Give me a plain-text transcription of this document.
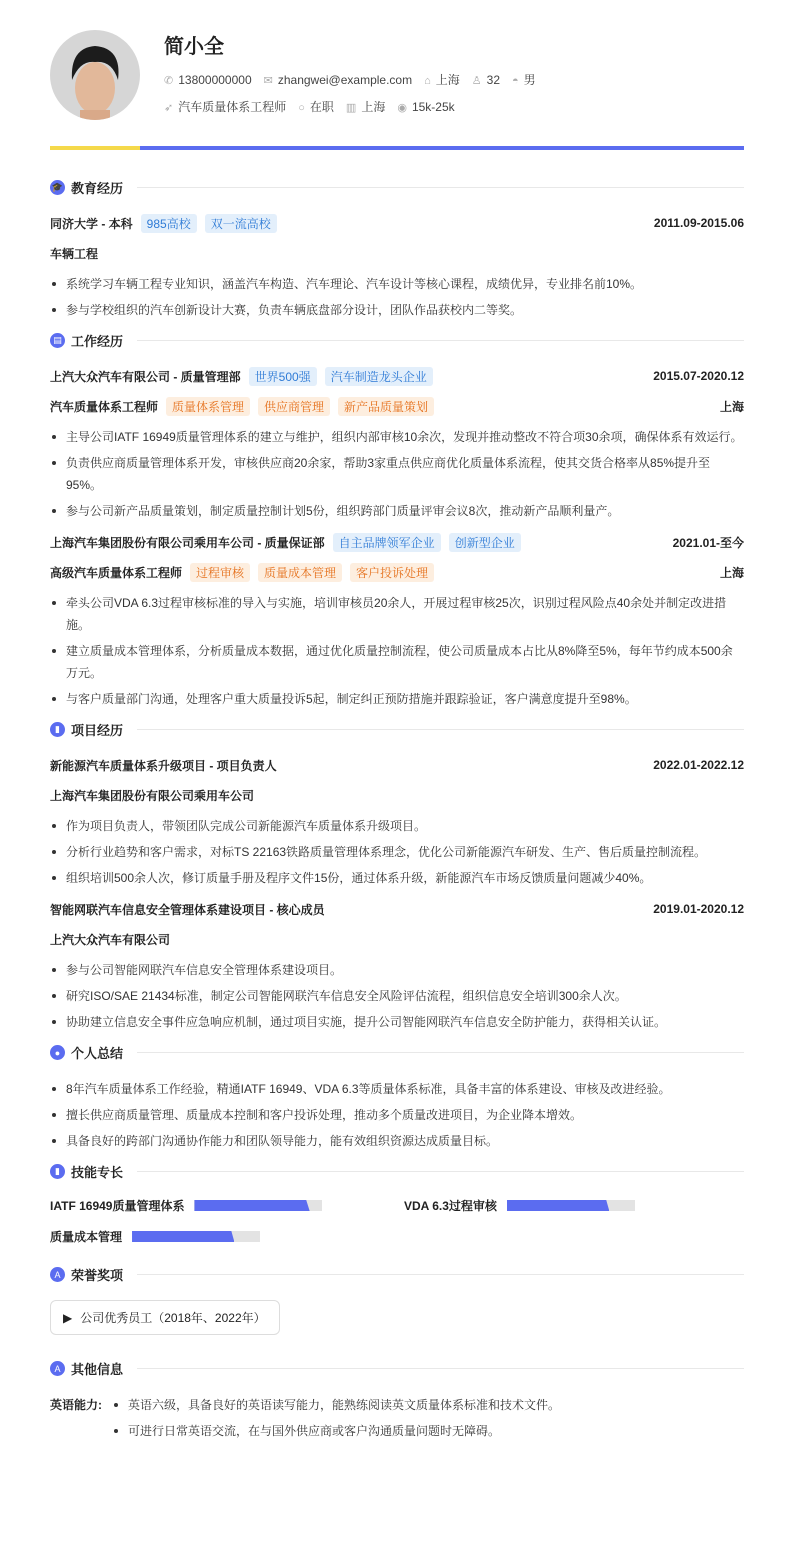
简小全
✆ 13800000000 ✉ zhangwei@example.com ⌂ 上海 ♙ 32 ◓ 男
➶ 汽车质量体系工程师 ○ 在职 ▥ 上海 ◉ 15k-25k
🎓 教育经历
同济大学 - 本科	985高校	双一流高校	2011.09-2015.06
车辆工程
系统学习车辆工程专业知识，涵盖汽车构造、汽车理论、汽车设计等核心课程，成绩优异，专业排名前10%。
参与学校组织的汽车创新设计大赛，负责车辆底盘部分设计，团队作品获校内二等奖。
▤ 工作经历
上汽大众汽车有限公司 - 质量管理部	世界500强	汽车制造龙头企业	2015.07-2020.12
汽车质量体系工程师	质量体系管理	供应商管理	新产品质量策划	上海
主导公司IATF 16949质量管理体系的建立与维护，组织内部审核10余次，发现并推动整改不符合项30余项，确保体系有效运行。
负责供应商质量管理体系开发，审核供应商20余家，帮助3家重点供应商优化质量体系流程，使其交货合格率从85%提升至95%。
参与公司新产品质量策划，制定质量控制计划5份，组织跨部门质量评审会议8次，推动新产品顺利量产。
上海汽车集团股份有限公司乘用车公司 - 质量保证部	自主品牌领军企业	创新型企业	2021.01-至今
高级汽车质量体系工程师	过程审核	质量成本管理	客户投诉处理	上海
牵头公司VDA 6.3过程审核标准的导入与实施，培训审核员20余人，开展过程审核25次，识别过程风险点40余处并制定改进措施。
建立质量成本管理体系，分析质量成本数据，通过优化质量控制流程，使公司质量成本占比从8%降至5%，每年节约成本500余万元。
与客户质量部门沟通，处理客户重大质量投诉5起，制定纠正预防措施并跟踪验证，客户满意度提升至98%。
▮ 项目经历
新能源汽车质量体系升级项目 - 项目负责人	2022.01-2022.12
上海汽车集团股份有限公司乘用车公司
作为项目负责人，带领团队完成公司新能源汽车质量体系升级项目。
分析行业趋势和客户需求，对标TS 22163铁路质量管理体系理念，优化公司新能源汽车研发、生产、售后质量控制流程。
组织培训500余人次，修订质量手册及程序文件15份，通过体系升级，新能源汽车市场反馈质量问题减少40%。
智能网联汽车信息安全管理体系建设项目 - 核心成员	2019.01-2020.12
上汽大众汽车有限公司
参与公司智能网联汽车信息安全管理体系建设项目。
研究ISO/SAE 21434标准，制定公司智能网联汽车信息安全风险评估流程，组织信息安全培训300余人次。
协助建立信息安全事件应急响应机制，通过项目实施，提升公司智能网联汽车信息安全防护能力，获得相关认证。
● 个人总结
8年汽车质量体系工作经验，精通IATF 16949、VDA 6.3等质量体系标准，具备丰富的体系建设、审核及改进经验。
擅长供应商质量管理、质量成本控制和客户投诉处理，推动多个质量改进项目，为企业降本增效。
具备良好的跨部门沟通协作能力和团队领导能力，能有效组织资源达成质量目标。
▮ 技能专长
IATF 16949质量管理体系	VDA 6.3过程审核
质量成本管理
A 荣誉奖项
▶ 公司优秀员工（2018年、2022年）
A 其他信息
英语能力:	英语六级，具备良好的英语读写能力，能熟练阅读英文质量体系标准和技术文件。
可进行日常英语交流，在与国外供应商或客户沟通质量问题时无障碍。
